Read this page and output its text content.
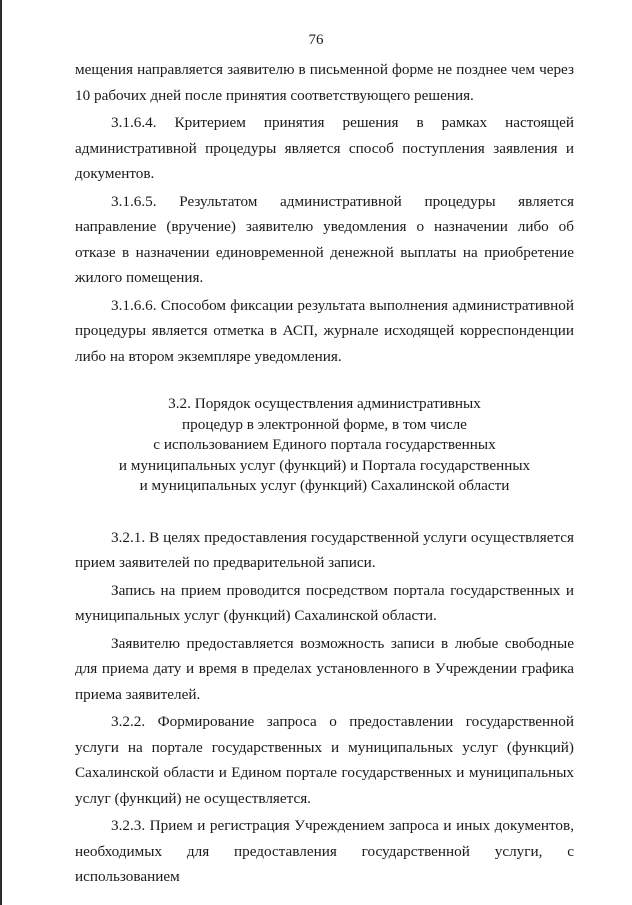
76

мещения направляется заявителю в письменной форме не позднее чем через 10 рабочих дней после принятия соответствующего решения.

3.1.6.4. Критерием принятия решения в рамках настоящей административной процедуры является способ поступления заявления и документов.

3.1.6.5. Результатом административной процедуры является направление (вручение) заявителю уведомления о назначении либо об отказе в назначении единовременной денежной выплаты на приобретение жилого помещения.

3.1.6.6. Способом фиксации результата выполнения административной процедуры является отметка в АСП, журнале исходящей корреспонденции либо на втором экземпляре уведомления.

3.2. Порядок осуществления административных
процедур в электронной форме, в том числе
с использованием Единого портала государственных
и муниципальных услуг (функций) и Портала государственных
и муниципальных услуг (функций) Сахалинской области

3.2.1. В целях предоставления государственной услуги осуществляется прием заявителей по предварительной записи.

Запись на прием проводится посредством портала государственных и муниципальных услуг (функций) Сахалинской области.

Заявителю предоставляется возможность записи в любые свободные для приема дату и время в пределах установленного в Учреждении графика приема заявителей.

3.2.2. Формирование запроса о предоставлении государственной услуги на портале государственных и муниципальных услуг (функций) Сахалинской области и Едином портале государственных и муниципальных услуг (функций) не осуществляется.

3.2.3. Прием и регистрация Учреждением запроса и иных документов, необходимых для предоставления государственной услуги, с использованием
